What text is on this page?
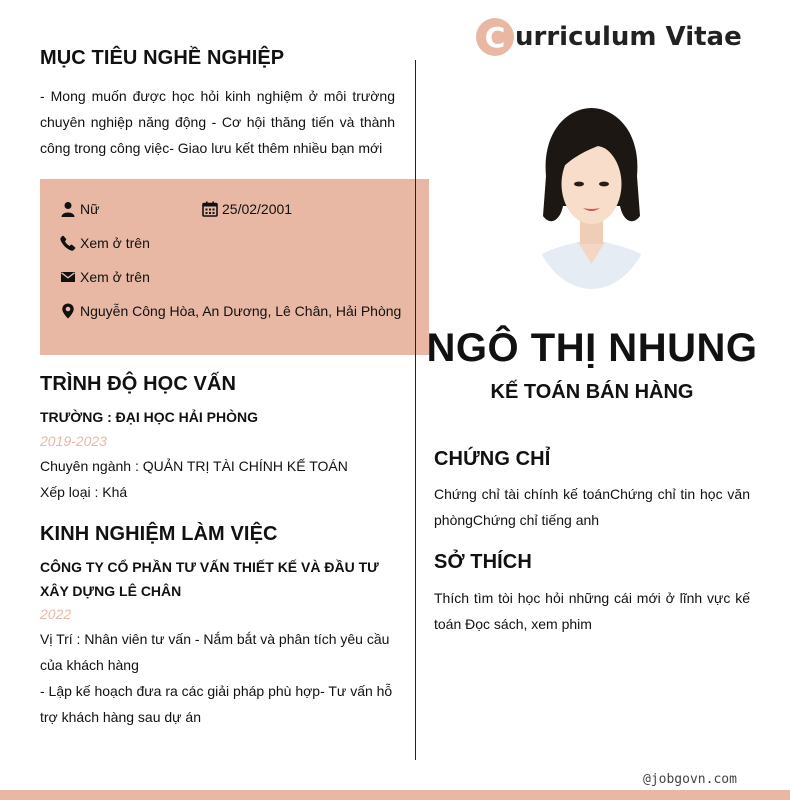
MỤC TIÊU NGHỀ NGHIỆP

- Mong muốn được học hỏi kinh nghiệm ở môi trường chuyên nghiệp năng động - Cơ hội thăng tiến và thành công trong công việc- Giao lưu kết thêm nhiều bạn mới

Nữ	25/02/2001
Xem ở trên
Xem ở trên
Nguyễn Công Hòa, An Dương, Lê Chân, Hải Phòng
TRÌNH ĐỘ HỌC VẤN
TRƯỜNG : ĐẠI HỌC HẢI PHÒNG
2019-2023
Chuyên ngành : QUẢN TRỊ TÀI CHÍNH KẾ TOÁN
Xếp loại : Khá
KINH NGHIỆM LÀM VIỆC
CÔNG TY CỔ PHẦN TƯ VẤN THIẾT KẾ VÀ ĐẦU TƯ XÂY DỰNG LÊ CHÂN
2022

Vị Trí : Nhân viên tư vấn - Nắm bắt và phân tích yêu cầu của khách hàng

- Lập kế hoạch đưa ra các giải pháp phù hợp- Tư vấn hỗ trợ khách hàng sau dự án

C urriculum Vitae
NGÔ THỊ NHUNG
KẾ TOÁN BÁN HÀNG
CHỨNG CHỈ

Chứng chỉ tài chính kế toánChứng chỉ tin học văn phòngChứng chỉ tiếng anh

SỞ THÍCH

Thích tìm tòi học hỏi những cái mới ở lĩnh vực kế toán Đọc sách, xem phim

@jobgovn.com
